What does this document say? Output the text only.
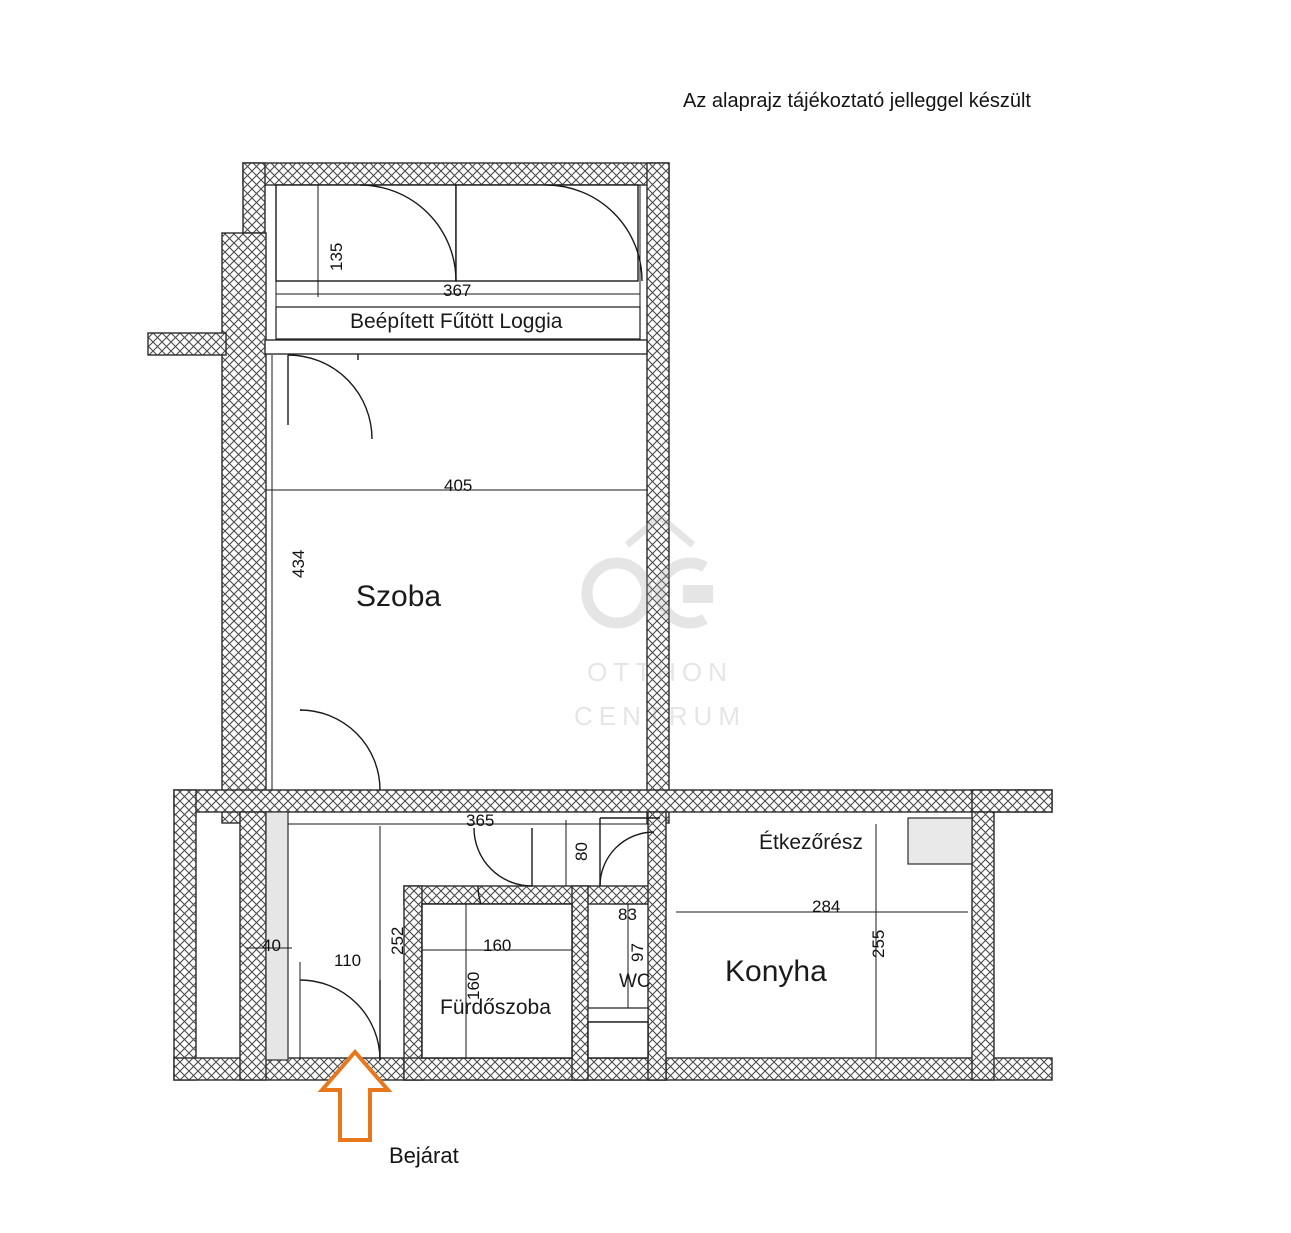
Az alaprajz tájékoztató jelleggel készült
OTTHON
CENTRUM
Beépített Fűtött Loggia
Szoba
Étkezőrész
Konyha
WC
Fürdőszoba
135
367
405
434
365
40
110
252	160
160
80
83
97
284
255
Bejárat
